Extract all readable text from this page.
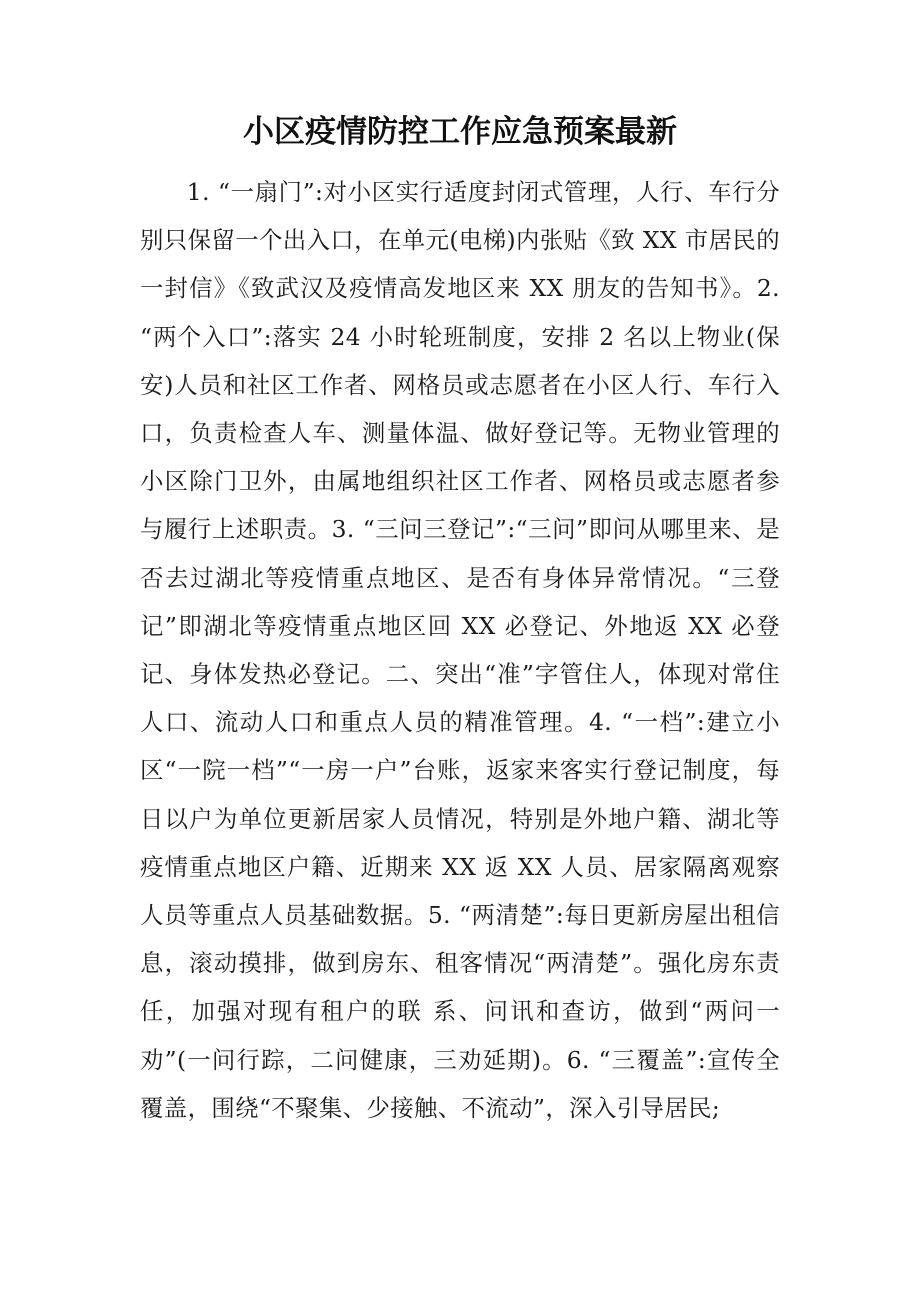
小区疫情防控工作应急预案最新

1. “一扇门”:对小区实行适度封闭式管理，人行、车行分别只保留一个出入口，在单元(电梯)内张贴《致 XX 市居民的一封信》《致武汉及疫情高发地区来 XX 朋友的告知书》。2. “两个入口”:落实 24 小时轮班制度，安排 2 名以上物业(保安)人员和社区工作者、网格员或志愿者在小区人行、车行入口，负责检查人车、测量体温、做好登记等。无物业管理的小区除门卫外，由属地组织社区工作者、网格员或志愿者参与履行上述职责。3. “三问三登记”:“三问”即问从哪里来、是否去过湖北等疫情重点地区、是否有身体异常情况。“三登记”即湖北等疫情重点地区回 XX 必登记、外地返 XX 必登记、身体发热必登记。二、突出“准”字管住人，体现对常住人口、流动人口和重点人员的精准管理。4. “一档”:建立小区“一院一档”“一房一户”台账，返家来客实行登记制度，每日以户为单位更新居家人员情况，特别是外地户籍、湖北等疫情重点地区户籍、近期来 XX 返 XX 人员、居家隔离观察人员等重点人员基础数据。5. “两清楚”:每日更新房屋出租信息，滚动摸排，做到房东、租客情况“两清楚”。强化房东责任，加强对现有租户的联 系、问讯和查访，做到“两问一劝”(一问行踪，二问健康，三劝延期)。6. “三覆盖”:宣传全覆盖，围绕“不聚集、少接触、不流动”，深入引导居民;
